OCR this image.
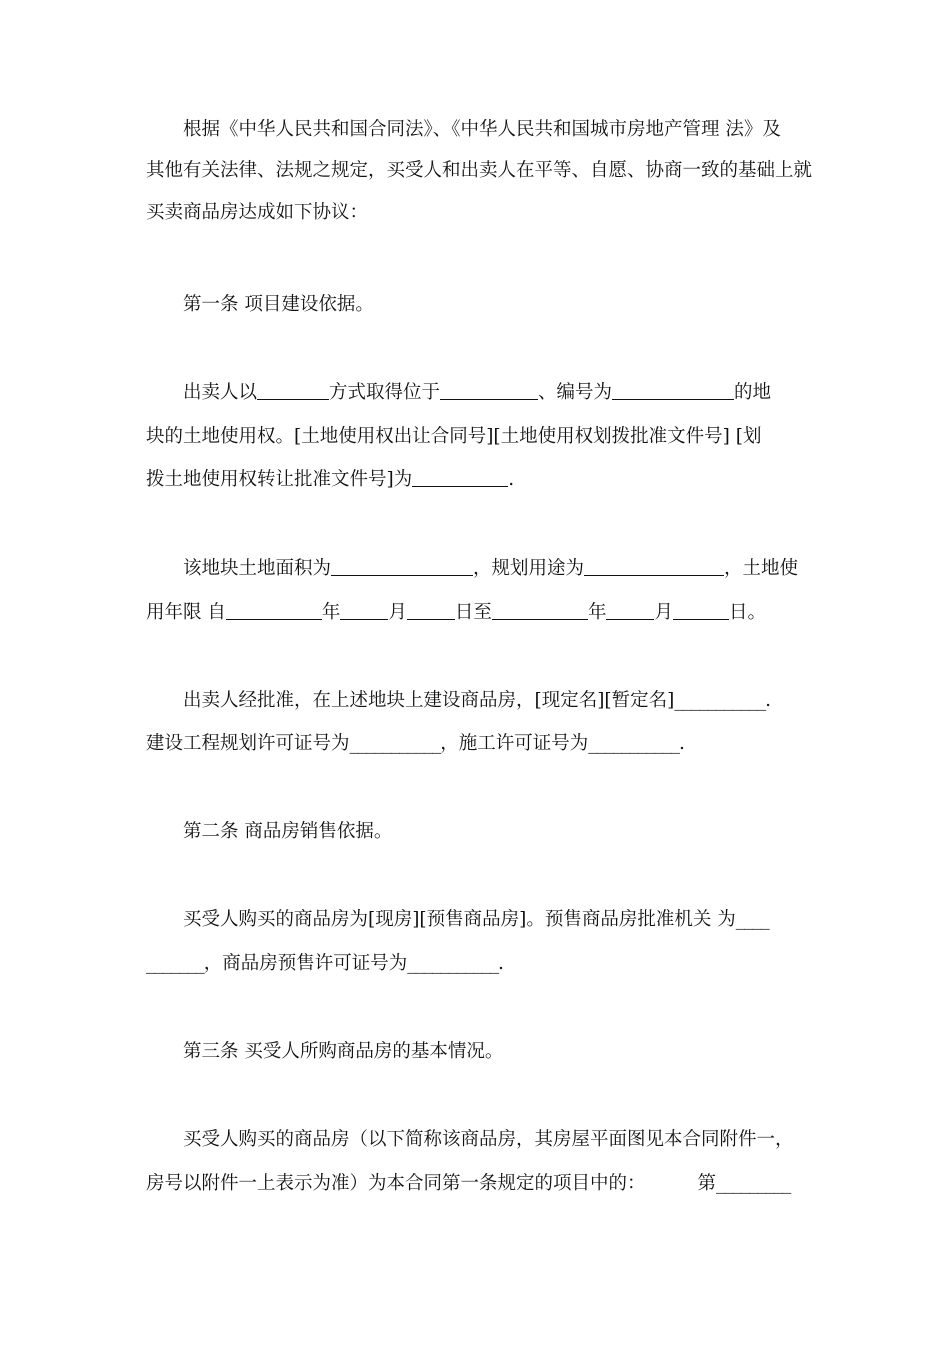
根据《中华人民共和国合同法》、《中华人民共和国城市房地产管理 法》及
其他有关法律、法规之规定，买受人和出卖人在平等、自愿、协商一致的基础上就
买卖商品房达成如下协议：
第一条 项目建设依据。
出卖人以	方式取得位于	、编号为	的地
块的土地使用权。[土地使用权出让合同号][土地使用权划拨批准文件号] [划
拨土地使用权转让批准文件号]为	.
该地块土地面积为	，规划用途为	，土地使
用年限 自	年	月	日至	年	月	日。
出卖人经批准，在上述地块上建设商品房，[现定名][暂定名]___________.
建设工程规划许可证号为___________，施工许可证号为___________.
第二条 商品房销售依据。
买受人购买的商品房为[现房][预售商品房]。预售商品房批准机关 为____
_______，商品房预售许可证号为___________.
第三条 买受人所购商品房的基本情况。
买受人购买的商品房（以下简称该商品房，其房屋平面图见本合同附件一，
房号以附件一上表示为准）为本合同第一条规定的项目中的：	第_________
